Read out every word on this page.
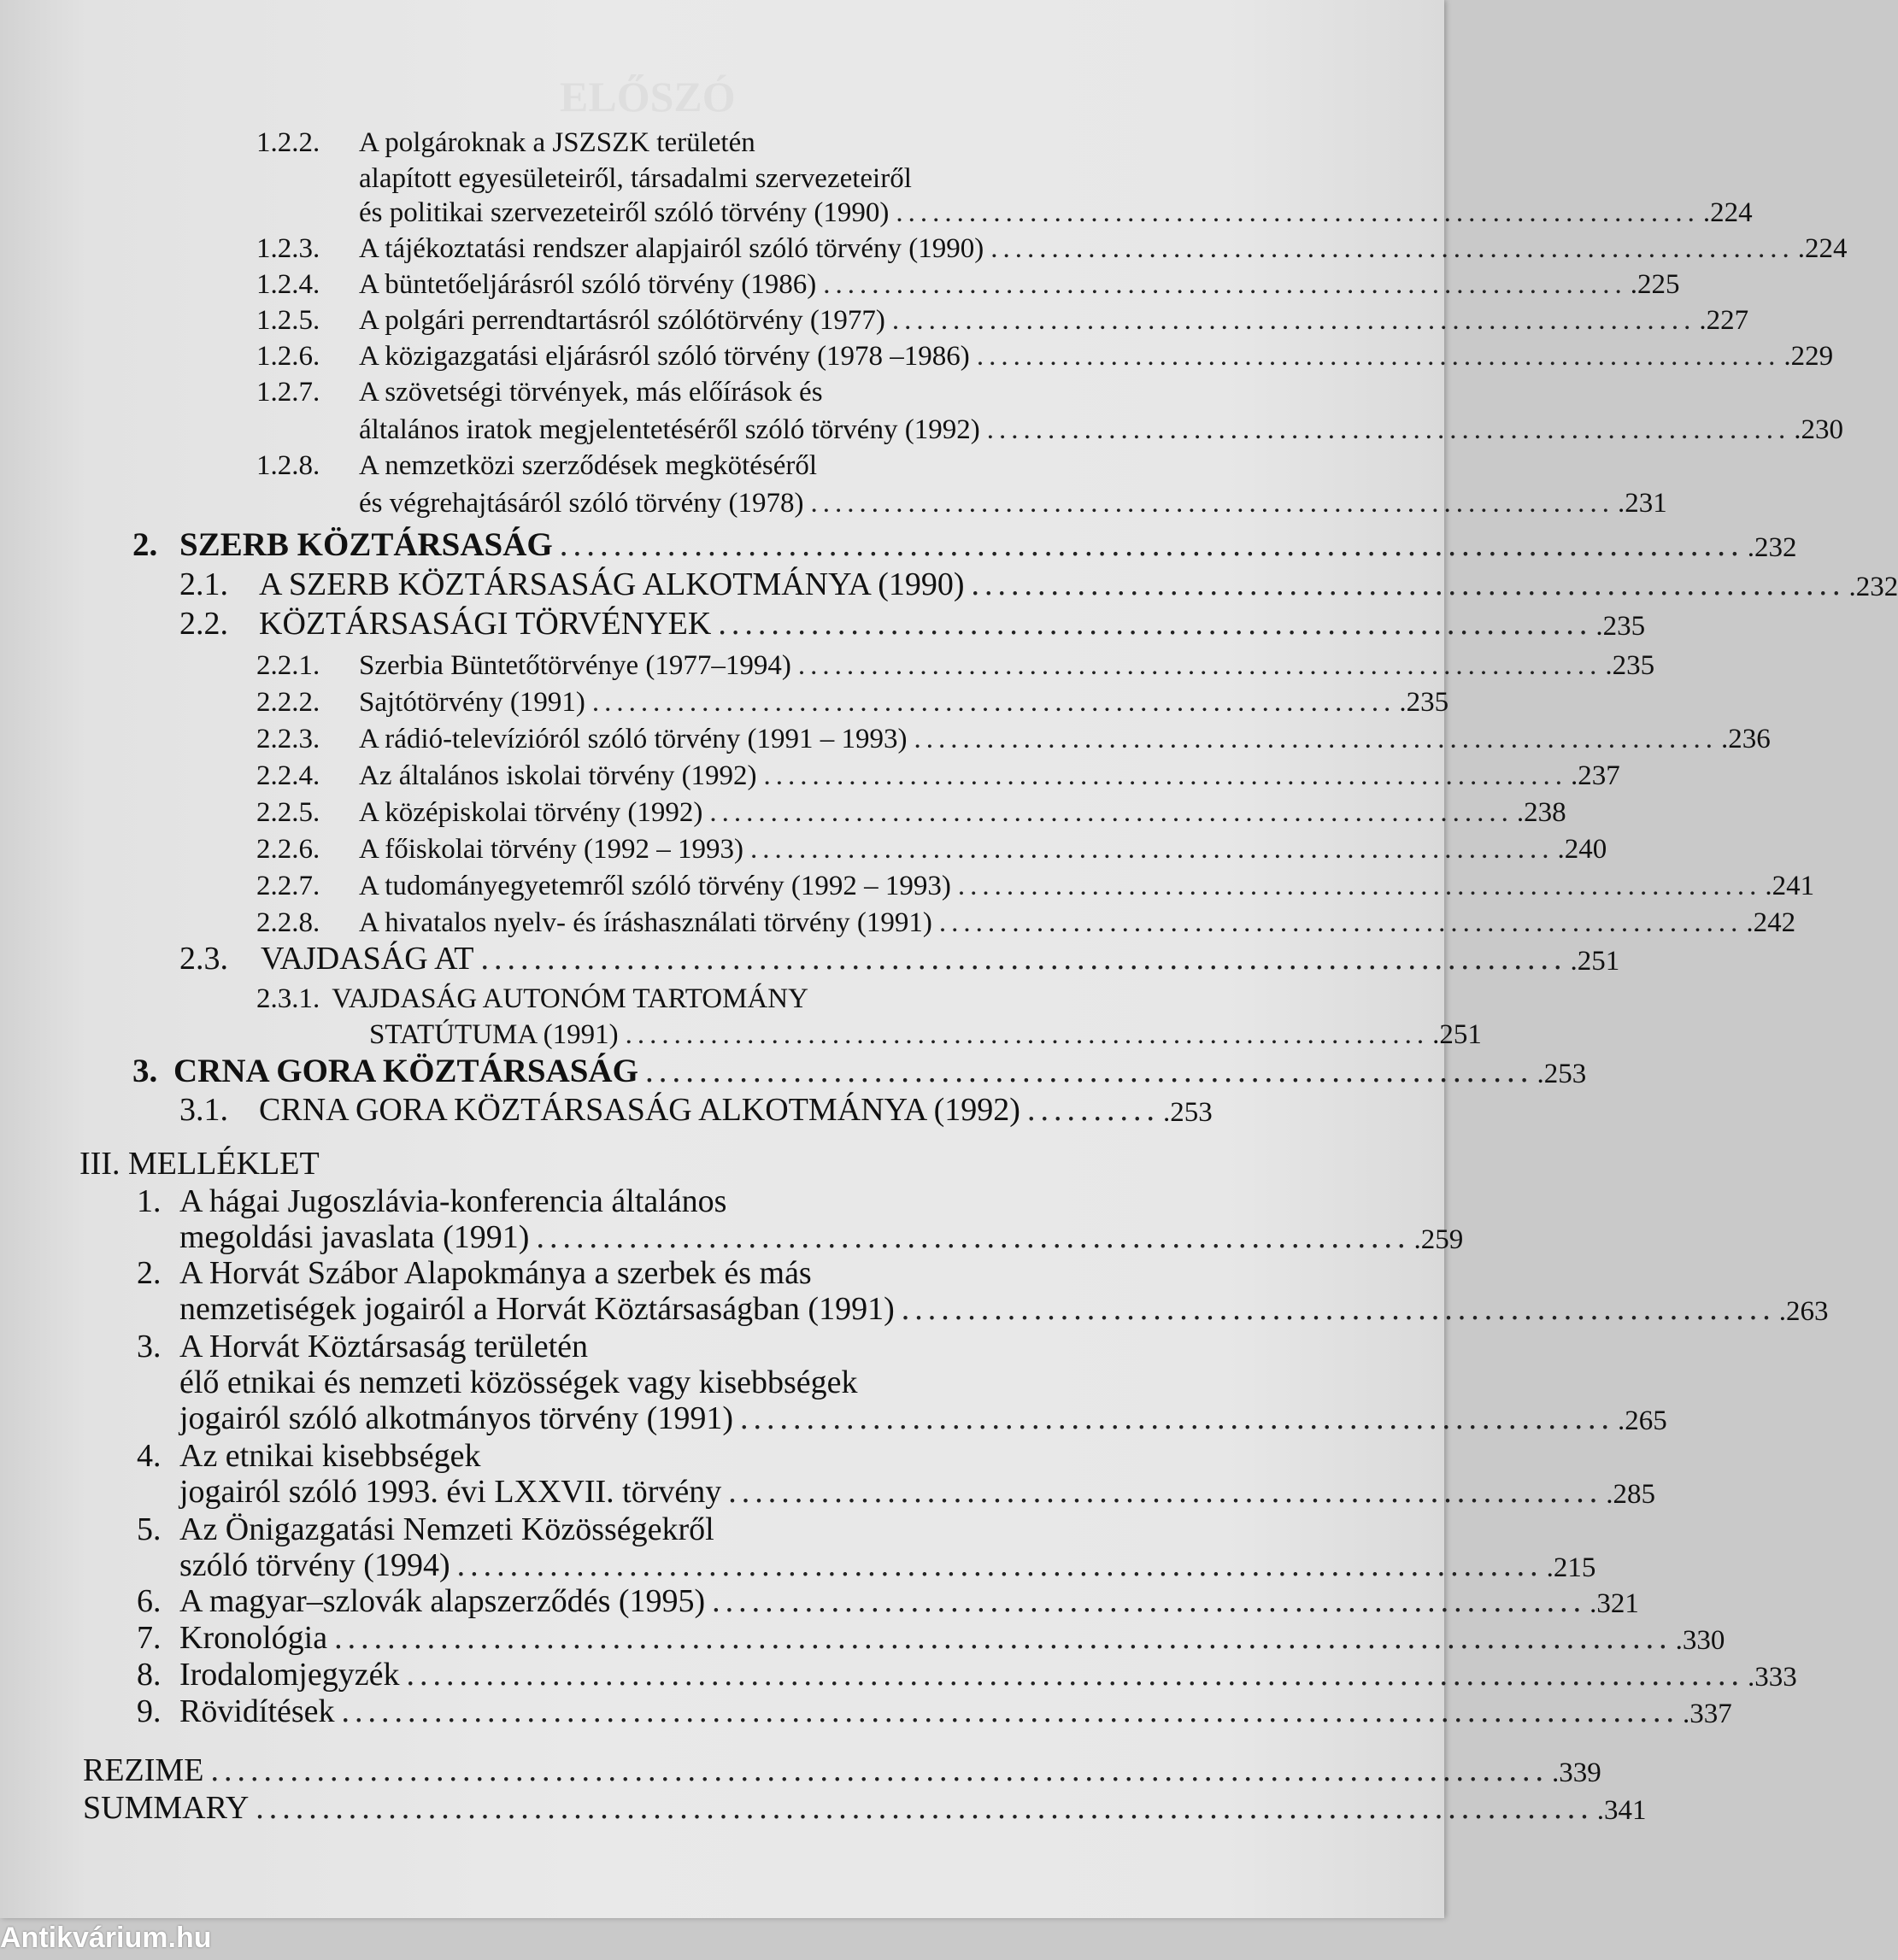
1.2.2. A polgároknak a JSZSZK területén
alapított egyesületeiről, társadalmi szervezeteiről
és politikai szervezeteiről szóló törvény (1990) .................................................................. .224
1.2.3.	A tájékoztatási rendszer alapjairól szóló törvény (1990) .................................................................. .224
1.2.4.	A büntetőeljárásról szóló törvény (1986) .................................................................. .225
1.2.5.	A polgári perrendtartásról szólótörvény (1977) .................................................................. .227
1.2.6.	A közigazgatási eljárásról szóló törvény (1978 –1986) .................................................................. .229
1.2.7. A szövetségi törvények, más előírások és
általános iratok megjelentetéséről szóló törvény (1992) .................................................................. .230
1.2.8. A nemzetközi szerződések megkötéséről
és végrehajtásáról szóló törvény (1978) .................................................................. .231
2. SZERB KÖZTÁRSASÁG ........................................................................................ .232
2.1. A SZERB KÖZTÁRSASÁG ALKOTMÁNYA (1990) .................................................................. .232
2.2. KÖZTÁRSASÁGI TÖRVÉNYEK .................................................................. .235
2.2.1.	Szerbia Büntetőtörvénye (1977–1994) .................................................................. .235
2.2.2.	Sajtótörvény (1991) .................................................................. .235
2.2.3.	A rádió-televízióról szóló törvény (1991 – 1993) .................................................................. .236
2.2.4.	Az általános iskolai törvény (1992) .................................................................. .237
2.2.5.	A középiskolai törvény (1992) .................................................................. .238
2.2.6.	A főiskolai törvény (1992 – 1993) .................................................................. .240
2.2.7.	A tudományegyetemről szóló törvény (1992 – 1993) .................................................................. .241
2.2.8.	A hivatalos nyelv- és íráshasználati törvény (1991) .................................................................. .242
2.3.	VAJDASÁG AT .................................................................................. .251
2.3.1. VAJDASÁG AUTONÓM TARTOMÁNY
STATÚTUMA (1991) .................................................................. .251
3. CRNA GORA KÖZTÁRSASÁG .................................................................. .253
3.1. CRNA GORA KÖZTÁRSASÁG ALKOTMÁNYA (1992) .......... .253
III. MELLÉKLET
1. A hágai Jugoszlávia-konferencia általános
megoldási javaslata (1991) .................................................................. .259
2. A Horvát Szábor Alapokmánya a szerbek és más
nemzetiségek jogairól a Horvát Köztársaságban (1991) .................................................................. .263
3. A Horvát Köztársaság területén
élő etnikai és nemzeti közösségek vagy kisebbségek
jogairól szóló alkotmányos törvény (1991) .................................................................. .265
4. Az etnikai kisebbségek
jogairól szóló 1993. évi LXXVII. törvény .................................................................. .285
5. Az Önigazgatási Nemzeti Közösségekről
szóló törvény (1994) .................................................................................. .215
6. A magyar–szlovák alapszerződés (1995) .................................................................. .321
7. Kronológia ..................................................................................................... .330
8. Irodalomjegyzék ..................................................................................................... .333
9. Rövidítések ..................................................................................................... .337
REZIME ..................................................................................................... .339
SUMMARY ..................................................................................................... .341
Antikvárium.hu
